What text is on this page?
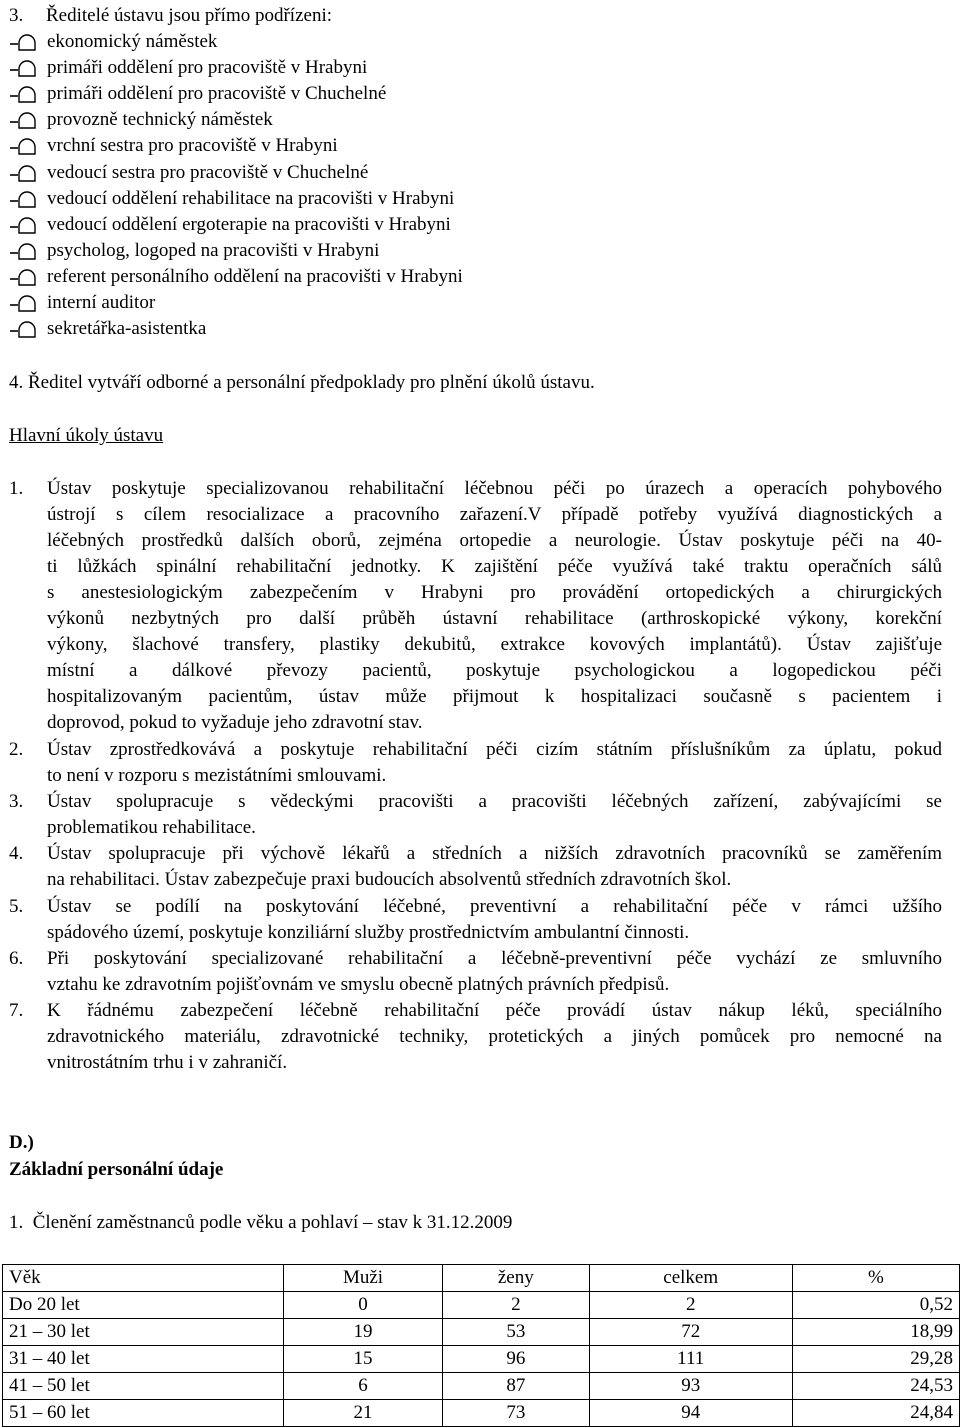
3. Ředitelé ústavu jsou přímo podřízeni:
ekonomický náměstek
primáři oddělení pro pracoviště v Hrabyni
primáři oddělení pro pracoviště v Chuchelné
provozně technický náměstek
vrchní sestra pro pracoviště v Hrabyni
vedoucí sestra pro pracoviště v Chuchelné
vedoucí oddělení rehabilitace na pracovišti v Hrabyni
vedoucí oddělení ergoterapie na pracovišti v Hrabyni
psycholog, logoped na pracovišti v Hrabyni
referent personálního oddělení na pracovišti v Hrabyni
interní auditor
sekretářka-asistentka
4. Ředitel vytváří odborné a personální předpoklady pro plnění úkolů ústavu.
Hlavní úkoly ústavu
1. Ústav poskytuje specializovanou rehabilitační léčebnou péči po úrazech a operacích pohybového
ústrojí s cílem resocializace a pracovního zařazení.V případě potřeby využívá diagnostických a
léčebných prostředků dalších oborů, zejména ortopedie a neurologie. Ústav poskytuje péči na 40-
ti lůžkách spinální rehabilitační jednotky. K zajištění péče využívá také traktu operačních sálů
s anestesiologickým zabezpečením v Hrabyni pro provádění ortopedických a chirurgických
výkonů nezbytných pro další průběh ústavní rehabilitace (arthroskopické výkony, korekční
výkony, šlachové transfery, plastiky dekubitů, extrakce kovových implantátů). Ústav zajišťuje
místní a dálkové převozy pacientů, poskytuje psychologickou a logopedickou péči
hospitalizovaným pacientům, ústav může přijmout k hospitalizaci současně s pacientem i
doprovod, pokud to vyžaduje jeho zdravotní stav.
2. Ústav zprostředkovává a poskytuje rehabilitační péči cizím státním příslušníkům za úplatu, pokud
to není v rozporu s mezistátními smlouvami.
3. Ústav spolupracuje s vědeckými pracovišti a pracovišti léčebných zařízení, zabývajícími se
problematikou rehabilitace.
4. Ústav spolupracuje při výchově lékařů a středních a nižších zdravotních pracovníků se zaměřením
na rehabilitaci. Ústav zabezpečuje praxi budoucích absolventů středních zdravotních škol.
5. Ústav se podílí na poskytování léčebné, preventivní a rehabilitační péče v rámci užšího
spádového území, poskytuje konziliární služby prostřednictvím ambulantní činnosti.
6. Při poskytování specializované rehabilitační a léčebně-preventivní péče vychází ze smluvního
vztahu ke zdravotním pojišťovnám ve smyslu obecně platných právních předpisů.
7. K řádnému zabezpečení léčebně rehabilitační péče provádí ústav nákup léků, speciálního
zdravotnického materiálu, zdravotnické techniky, protetických a jiných pomůcek pro nemocné na
vnitrostátním trhu i v zahraničí.
D.)
Základní personální údaje
1.  Členění zaměstnanců podle věku a pohlaví – stav k 31.12.2009
Věk	Muži	ženy	celkem	%
Do 20 let	0	2	2	0,52
21 – 30 let	19	53	72	18,99
31 – 40 let	15	96	111	29,28
41 – 50 let	6	87	93	24,53
51 – 60 let	21	73	94	24,84
